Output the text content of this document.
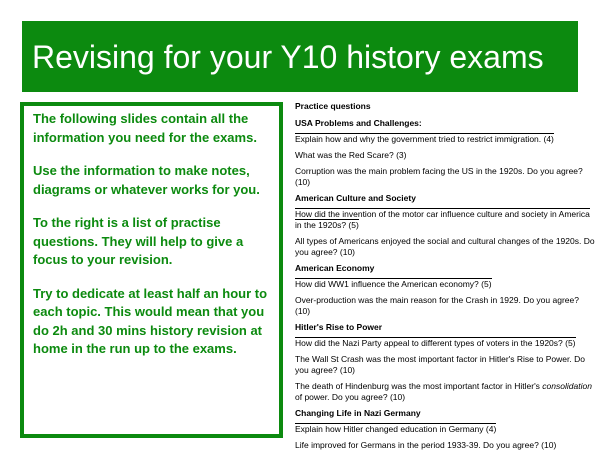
Revising for your Y10 history exams

The following slides contain all the information you need for the exams.

Use the information to make notes, diagrams or whatever works for you.

To the right is a list of practise questions. They will help to give a focus to your revision.

Try to dedicate at least half an hour to each topic. This would mean that you do 2h and 30 mins history revision at home in the run up to the exams.

Practice questions
USA Problems and Challenges:
Explain how and why the government tried to restrict immigration. (4)
What was the Red Scare? (3)
Corruption was the main problem facing the US in the 1920s. Do you agree? (10)
American Culture and Society
How did the invention of the motor car influence culture and society in America in the 1920s? (5)
All types of Americans enjoyed the social and cultural changes of the 1920s. Do you agree? (10)
American Economy
How did WW1 influence the American economy? (5)
Over-production was the main reason for the Crash in 1929. Do you agree? (10)
Hitler's Rise to Power
How did the Nazi Party appeal to different types of voters in the 1920s? (5)
The Wall St Crash was the most important factor in Hitler's Rise to Power. Do you agree? (10)
The death of Hindenburg was the most important factor in Hitler's consolidation of power. Do you agree? (10)
Changing Life in Nazi Germany
Explain how Hitler changed education in Germany (4)
Life improved for Germans in the period 1933-39. Do you agree? (10)
